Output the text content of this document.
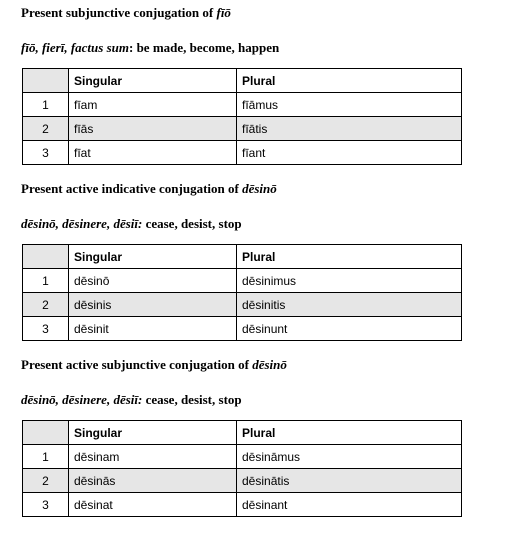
Present subjunctive conjugation of fīō
fīō, fierī, factus sum: be made, become, happen
	Singular	Plural
1	fīam	fīāmus
2	fīās	fīātis
3	fīat	fīant
Present active indicative conjugation of dēsinō
dēsinō, dēsinere, dēsiī: cease, desist, stop
	Singular	Plural
1	dēsinō	dēsinimus
2	dēsinis	dēsinitis
3	dēsinit	dēsinunt
Present active subjunctive conjugation of dēsinō
dēsinō, dēsinere, dēsiī: cease, desist, stop
	Singular	Plural
1	dēsinam	dēsināmus
2	dēsinās	dēsinātis
3	dēsinat	dēsinant
